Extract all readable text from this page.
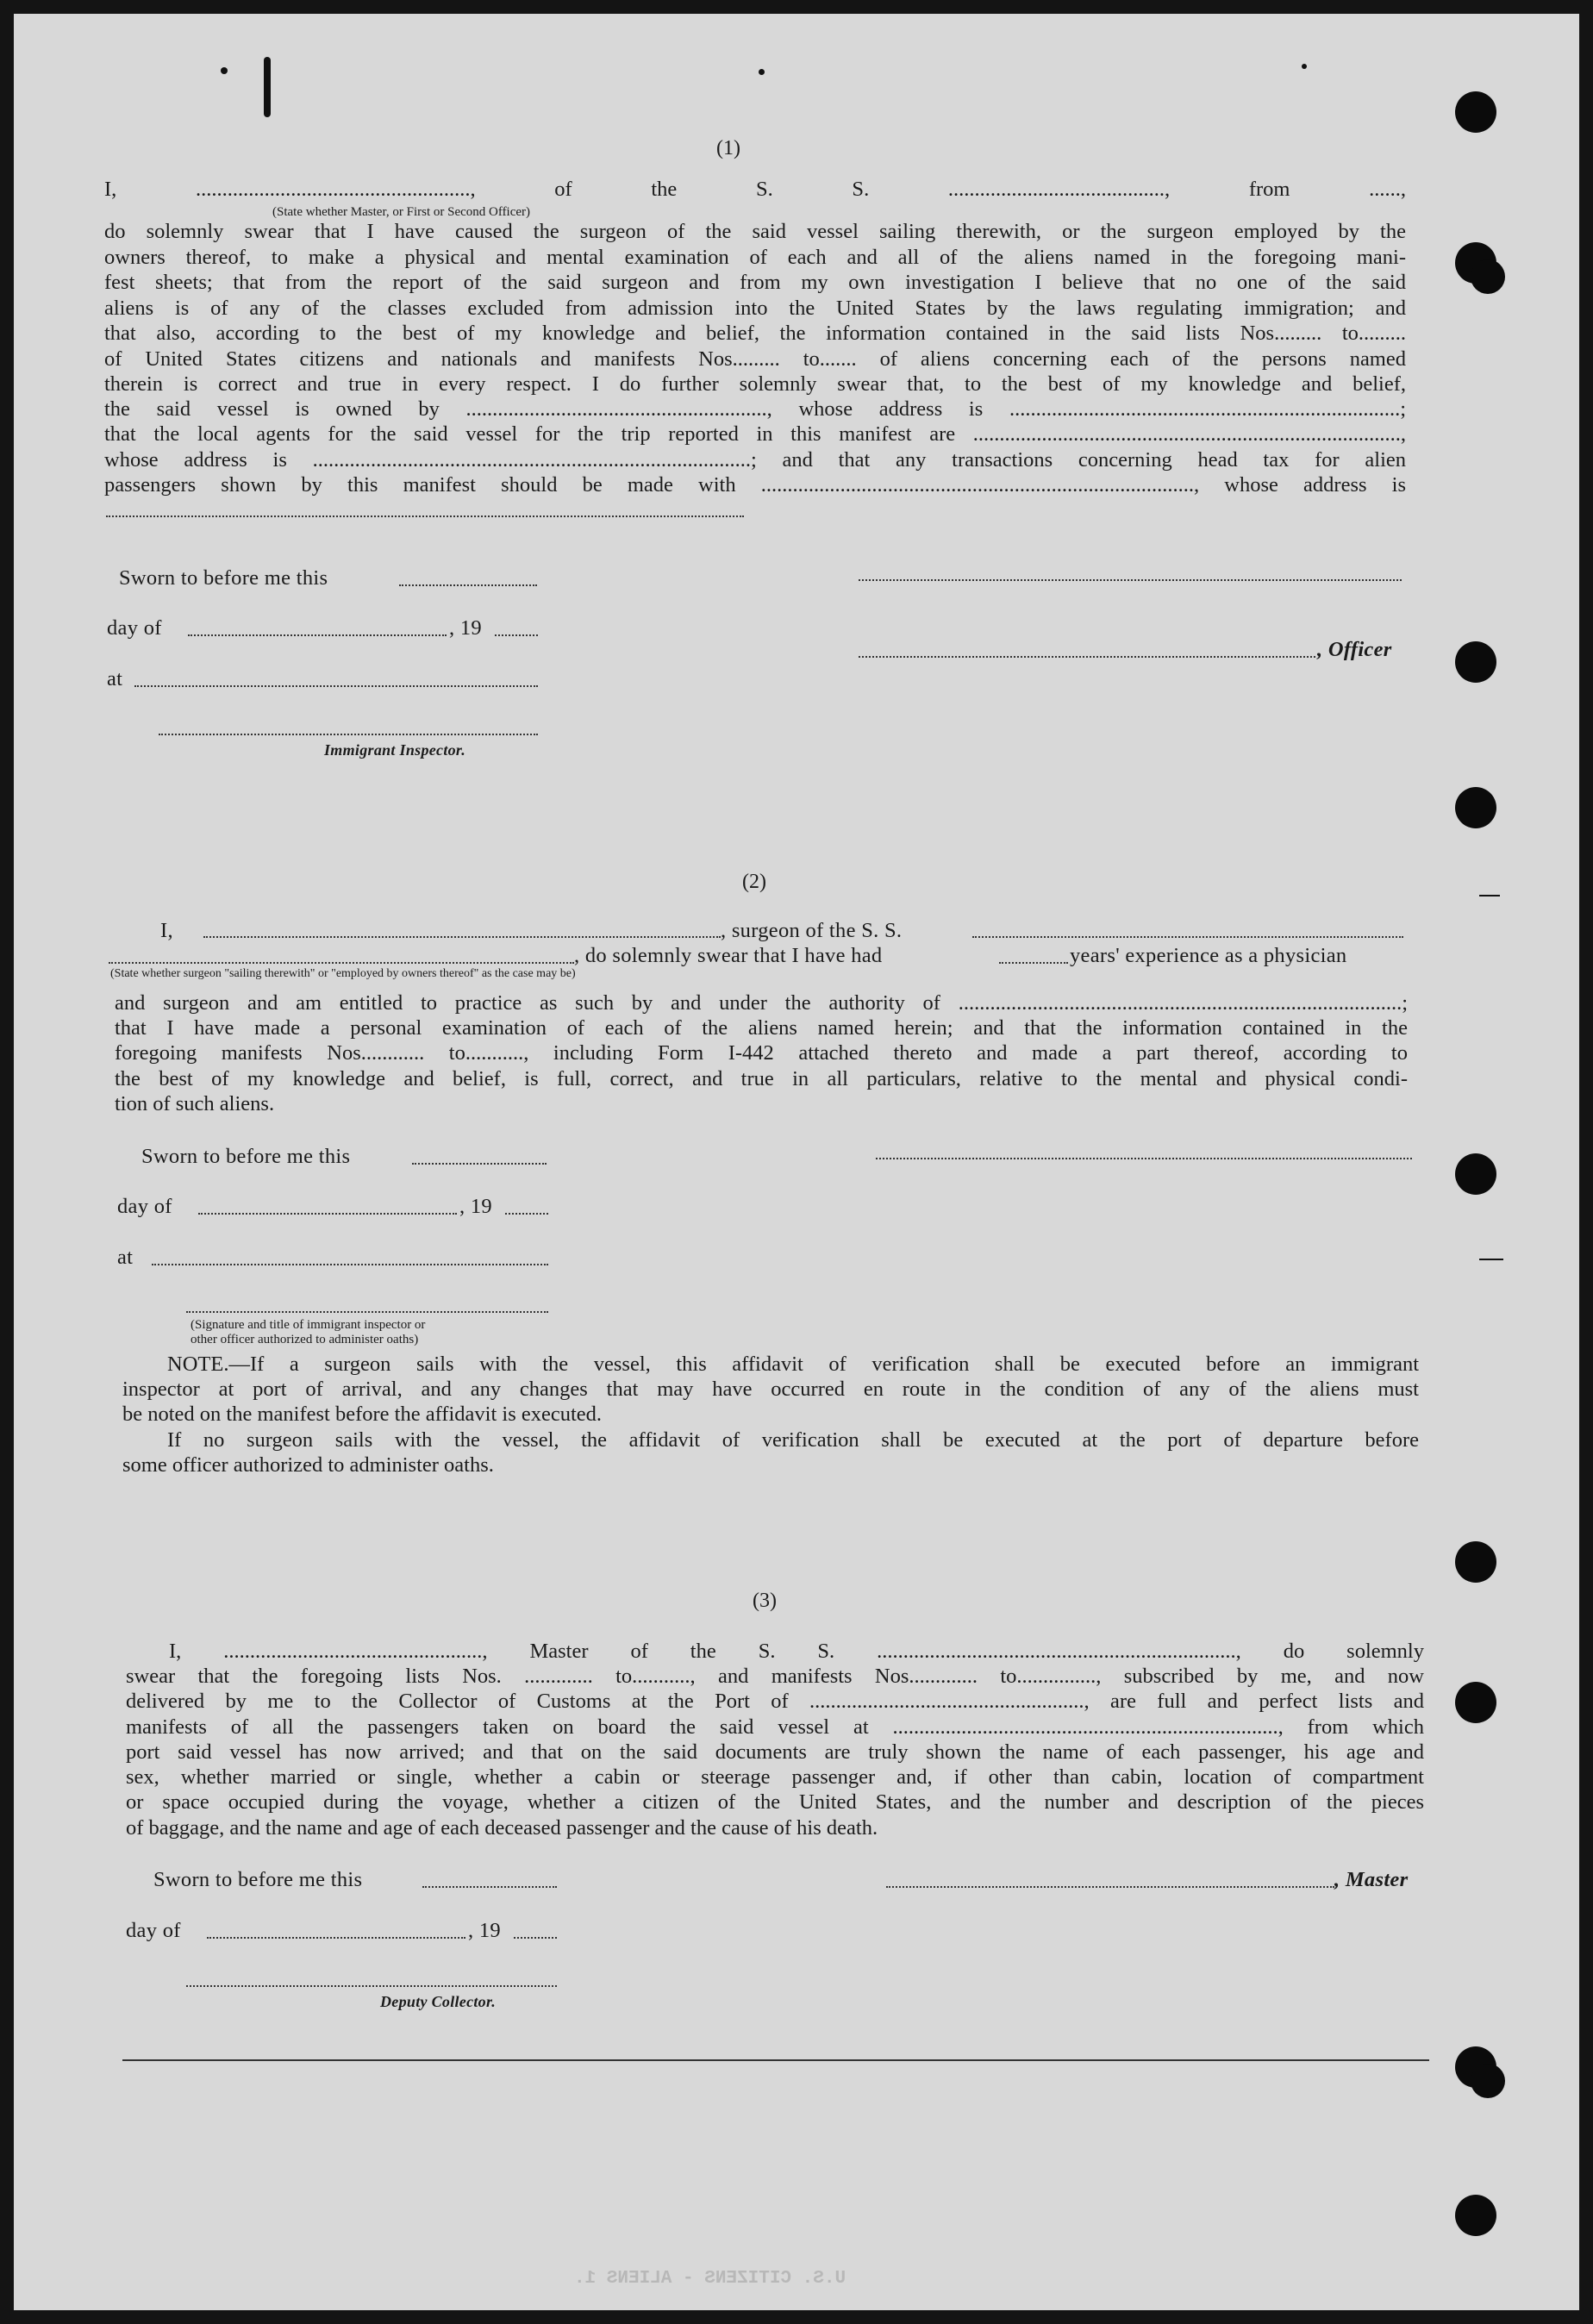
(1)
I, ...................................................., of the S. S. ........................................., from ......,
(State whether Master, or First or Second Officer)
do solemnly swear that I have caused the surgeon of the said vessel sailing therewith, or the surgeon employed by the
owners thereof, to make a physical and mental examination of each and all of the aliens named in the foregoing mani-
fest sheets; that from the report of the said surgeon and from my own investigation I believe that no one of the said
aliens is of any of the classes excluded from admission into the United States by the laws regulating immigration; and
that also, according to the best of my knowledge and belief, the information contained in the said lists Nos......... to.........
of United States citizens and nationals and manifests Nos......... to....... of aliens concerning each of the persons named
therein is correct and true in every respect. I do further solemnly swear that, to the best of my knowledge and belief,
the said vessel is owned by ........................................................., whose address is ..........................................................................;
that the local agents for the said vessel for the trip reported in this manifest are .................................................................................,
whose address is ...................................................................................; and that any transactions concerning head tax for alien
passengers shown by this manifest should be made with .................................................................................., whose address is
Sworn to before me this
day of	, 19
, Officer
at
Immigrant Inspector.
(2)
I,	, surgeon of the S. S.
, do solemnly swear that I have had	years' experience as a physician
(State whether surgeon "sailing therewith" or "employed by owners thereof" as the case may be)
and surgeon and am entitled to practice as such by and under the authority of ....................................................................................;
that I have made a personal examination of each of the aliens named herein; and that the information contained in the
foregoing manifests Nos............ to..........., including Form I-442 attached thereto and made a part thereof, according to
the best of my knowledge and belief, is full, correct, and true in all particulars, relative to the mental and physical condi-
tion of such aliens.
Sworn to before me this
day of	, 19
at
(Signature and title of immigrant inspector or
other officer authorized to administer oaths)
NOTE.—If a surgeon sails with the vessel, this affidavit of verification shall be executed before an immigrant
inspector at port of arrival, and any changes that may have occurred en route in the condition of any of the aliens must
be noted on the manifest before the affidavit is executed.
If no surgeon sails with the vessel, the affidavit of verification shall be executed at the port of departure before
some officer authorized to administer oaths.
(3)
I, ................................................., Master of the S. S. ...................................................................., do solemnly
swear that the foregoing lists Nos. ............. to..........., and manifests Nos............. to..............., subscribed by me, and now
delivered by me to the Collector of Customs at the Port of ...................................................., are full and perfect lists and
manifests of all the passengers taken on board the said vessel at ........................................................................., from which
port said vessel has now arrived; and that on the said documents are truly shown the name of each passenger, his age and
sex, whether married or single, whether a cabin or steerage passenger and, if other than cabin, location of compartment
or space occupied during the voyage, whether a citizen of the United States, and the number and description of the pieces
of baggage, and the name and age of each deceased passenger and the cause of his death.
Sworn to before me this	, Master
day of	, 19
Deputy Collector.
U.S. CITIZENS - ALIENS 1.
